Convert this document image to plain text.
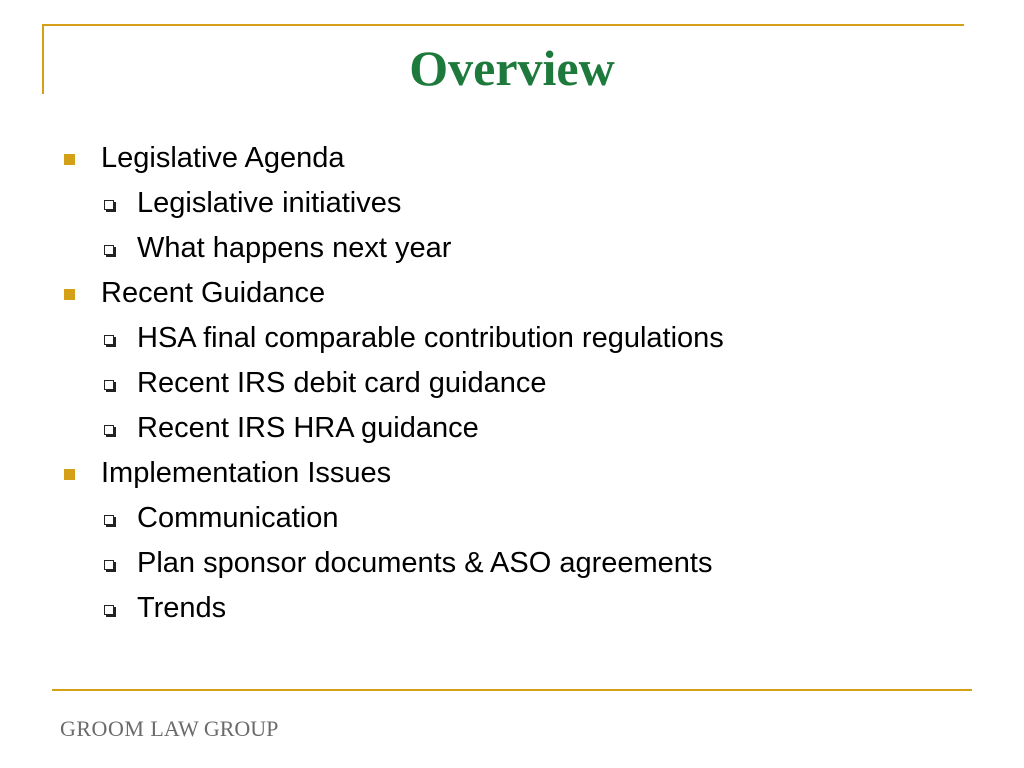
Overview
Legislative Agenda
Legislative initiatives
What happens next year
Recent Guidance
HSA final comparable contribution regulations
Recent IRS debit card guidance
Recent IRS HRA guidance
Implementation Issues
Communication
Plan sponsor documents & ASO agreements
Trends
GROOM LAW GROUP
